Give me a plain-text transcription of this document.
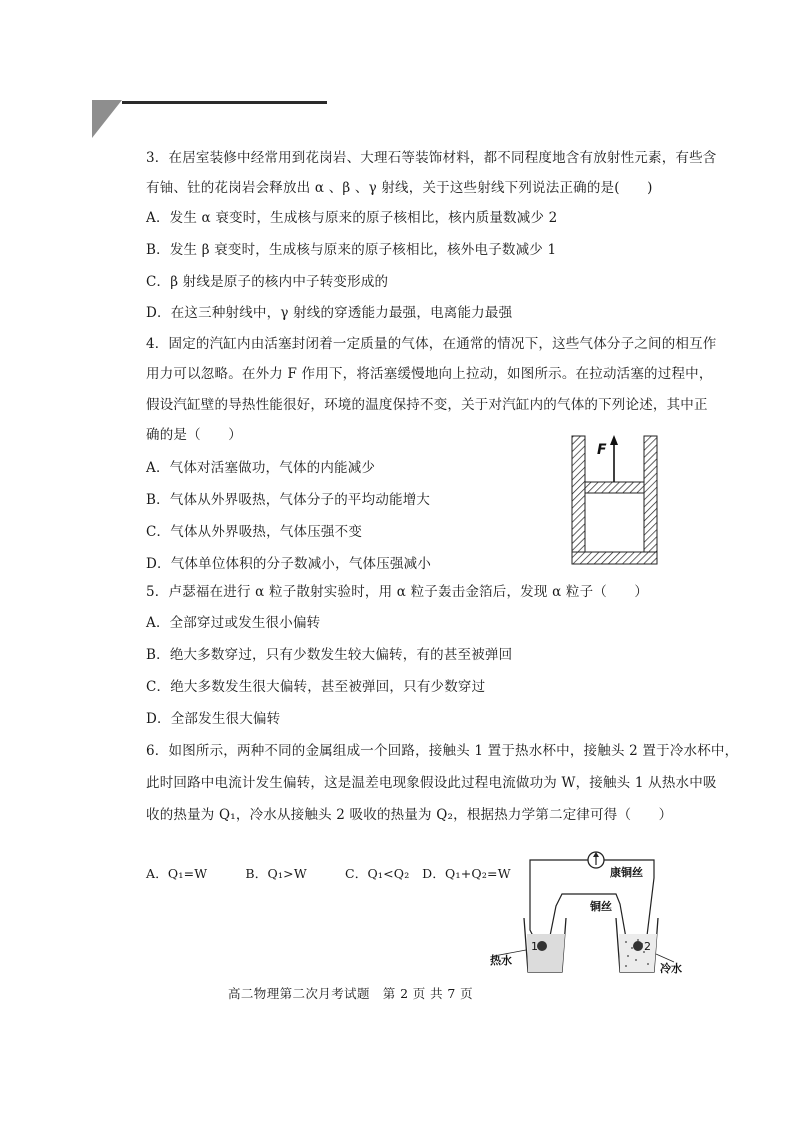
3．在居室装修中经常用到花岗岩、大理石等装饰材料，都不同程度地含有放射性元素，有些含
有铀、钍的花岗岩会释放出 α 、β 、γ 射线，关于这些射线下列说法正确的是(　　)
A．发生 α 衰变时，生成核与原来的原子核相比，核内质量数减少 2
B．发生 β 衰变时，生成核与原来的原子核相比，核外电子数减少 1
C．β 射线是原子的核内中子转变形成的
D．在这三种射线中，γ 射线的穿透能力最强，电离能力最强
4．固定的汽缸内由活塞封闭着一定质量的气体，在通常的情况下，这些气体分子之间的相互作
用力可以忽略。在外力 F 作用下，将活塞缓慢地向上拉动，如图所示。在拉动活塞的过程中，
假设汽缸壁的导热性能很好，环境的温度保持不变，关于对汽缸内的气体的下列论述，其中正
确的是（　　）
A．气体对活塞做功，气体的内能减少
B．气体从外界吸热，气体分子的平均动能增大
C．气体从外界吸热，气体压强不变
D．气体单位体积的分子数减小，气体压强减小
F
5．卢瑟福在进行 α 粒子散射实验时，用 α 粒子轰击金箔后，发现 α 粒子（　　）
A．全部穿过或发生很小偏转
B．绝大多数穿过，只有少数发生较大偏转，有的甚至被弹回
C．绝大多数发生很大偏转，甚至被弹回，只有少数穿过
D．全部发生很大偏转
6．如图所示，两种不同的金属组成一个回路，接触头 1 置于热水杯中，接触头 2 置于冷水杯中，
此时回路中电流计发生偏转，这是温差电现象假设此过程电流做功为 W，接触头 1 从热水中吸
收的热量为 Q₁，冷水从接触头 2 吸收的热量为 Q₂，根据热力学第二定律可得（　　）
A．Q₁=W　　　B．Q₁>W　　　C．Q₁<Q₂　D．Q₁+Q₂=W
1	2
康铜丝
铜丝
热水
冷水
高二物理第二次月考试题　第 2 页 共 7 页
